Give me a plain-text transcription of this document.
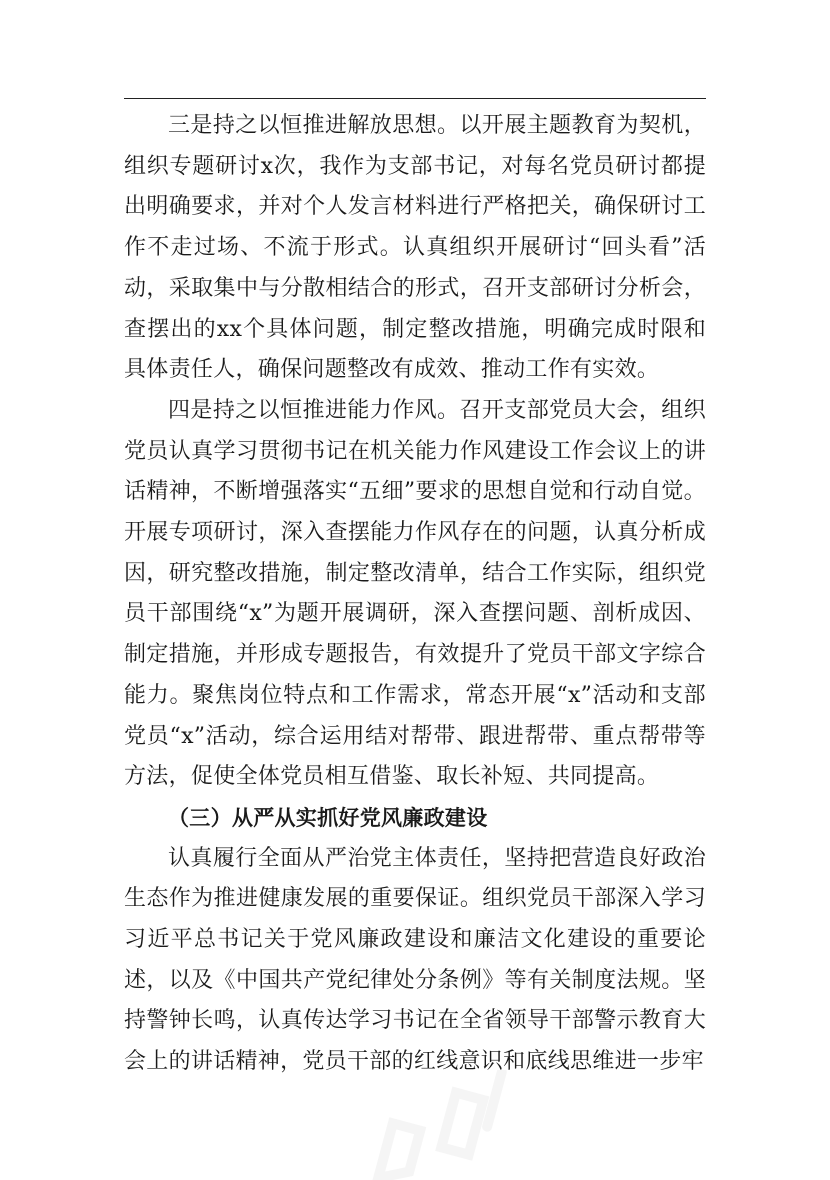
三是持之以恒推进解放思想。以开展主题教育为契机，组织专题研讨x次，我作为支部书记，对每名党员研讨都提出明确要求，并对个人发言材料进行严格把关，确保研讨工作不走过场、不流于形式。认真组织开展研讨“回头看”活动，采取集中与分散相结合的形式，召开支部研讨分析会，查摆出的xx个具体问题，制定整改措施，明确完成时限和具体责任人，确保问题整改有成效、推动工作有实效。

四是持之以恒推进能力作风。召开支部党员大会，组织党员认真学习贯彻书记在机关能力作风建设工作会议上的讲话精神，不断增强落实“五细”要求的思想自觉和行动自觉。开展专项研讨，深入查摆能力作风存在的问题，认真分析成因，研究整改措施，制定整改清单，结合工作实际，组织党员干部围绕“x”为题开展调研，深入查摆问题、剖析成因、制定措施，并形成专题报告，有效提升了党员干部文字综合能力。聚焦岗位特点和工作需求，常态开展“x”活动和支部党员“x”活动，综合运用结对帮带、跟进帮带、重点帮带等方法，促使全体党员相互借鉴、取长补短、共同提高。

（三）从严从实抓好党风廉政建设

认真履行全面从严治党主体责任，坚持把营造良好政治生态作为推进健康发展的重要保证。组织党员干部深入学习习近平总书记关于党风廉政建设和廉洁文化建设的重要论述，以及《中国共产党纪律处分条例》等有关制度法规。坚持警钟长鸣，认真传达学习书记在全省领导干部警示教育大会上的讲话精神，党员干部的红线意识和底线思维进一步牢
